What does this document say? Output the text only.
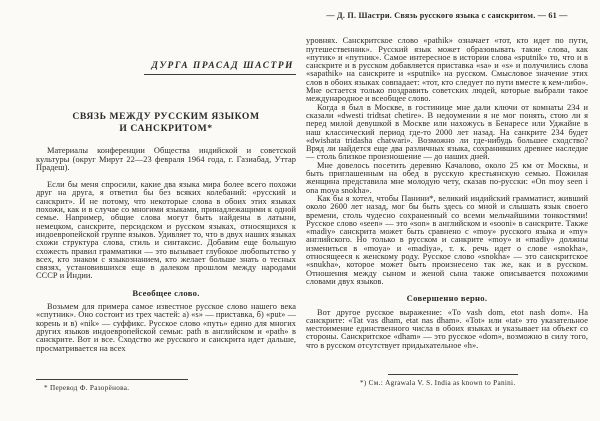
ДУРГА ПРАСАД ШАСТРИ
СВЯЗЬ МЕЖДУ РУССКИМ ЯЗЫКОМ
И САНСКРИТОМ*

Материалы конференции Общества индийской и советской культуры (округ Мирут 22—23 февраля 1964 года, г. Газиабад, Уттар Прадеш).

Если бы меня спросили, какие два языка мира более всего похожи друг на друга, я ответил бы без всяких колебаний: «русский и санскрит». И не потому, что некоторые слова в обоих этих языках похожи, как и в случае со многими языками, принадлежащими к одной семье. Например, общие слова могут быть найдены в латыни, немецком, санскрите, персидском и русском языках, относящихся к индоевропейской группе языков. Удивляет то, что в двух наших языках схожи структура слова, стиль и синтаксис. Добавим еще большую схожесть правил грамматики — это вызывает глубокое любопытство у всех, кто знаком с языкознанием, кто желает больше знать о тесных связях, установившихся еще в далеком прошлом между народами СССР и Индии.

Всеобщее слово.

Возьмем для примера самое известное русское слово нашего века «спутник». Оно состоит из трех частей: а) «s» — приставка, б) «put» — корень и в) «nik» — суффикс. Русское слово «путь» едино для многих других языков индоевропейской семьи: path в английском и «path» в санскрите. Вот и все. Сходство же русского и санскрита идет дальше, просматривается на всех

— Д. П. Шастри. Связь русского языка с санскритом. — 61 —

уровнях. Санскритское слово «pathik» означает «тот, кто идет по пути, путешественник». Русский язык может образовывать такие слова, как «путик» и «путник». Самое интересное в истории слова «sputnik» то, что и в санскрите и в русском добавляется приставка «sa» и «s» и получились слова «sapathik» на санскрите и «sputnik» на русском. Смысловое значение этих слов в обоих языках совпадает: «тот, кто следует по пути вместе к кем-либо». Мне остается только поздравить советских людей, которые выбрали такое международное и всеобщее слово.

Когда я был в Москве, в гостинице мне дали ключи от комнаты 234 и сказали «dwesti tridtsat chetire». В недоумении я не мог понять, стою ли я перед милой девушкой в Москве или нахожусь в Бенаресе или Уджайне в наш классический период где-то 2000 лет назад. На санкрите 234 будет «dwishata tridasha chatwari». Возможно ли где-нибудь большее сходство? Вряд ли найдется еще два различных языка, сохранивших древнее наследие — столь близкое произношение — до наших дней.

Мне довелось посетить деревню Качалово, около 25 км от Москвы, и быть приглашенным на обед в русскую крестьянскую семью. Пожилая женщина представила мне молодую чету, сказав по-русски: «On moy seen i ona moya snokha».

Как бы я хотел, чтобы Панини*, великий индийский грамматист, живший около 2600 лет назад, мог бы быть здесь со мной и слышать язык своего времени, столь чудесно сохраненный со всеми мельчайшими тонкостями! Русское слово «seen» — это «son» в английском и «sooni» в санскрите. Также «madiy» санскрита может быть сравнено с «moy» русского языка и «my» английского. Но только в русском и санкрите «moy» и «madiy» должны измениться в «moya» и «madiya», т. к. речь идет о слове «snokha», относящееся к женскому роду. Русское слово «snokha» — это санскритское «snukha», которое может быть произнесено так же, как и в русском. Отношения между сыном и женой сына также описывается похожими словами двух языков.

Совершенно верно.

Вот другое русское выражение: «To vash dom, etot nash dom». На санскрите: «Tat vas dham, etat nas dham». «Tot» или «tat» это указательное местоимение единственного числа в обоих языках и указывает на объект со стороны. Санскритское «dham» — это русское «dom», возможно в силу того, что в русском отсутствует придыхательное «h».

* Перевод Ф. Разорёнова.
*) См.: Agrawala V. S. India as known to Panini.
